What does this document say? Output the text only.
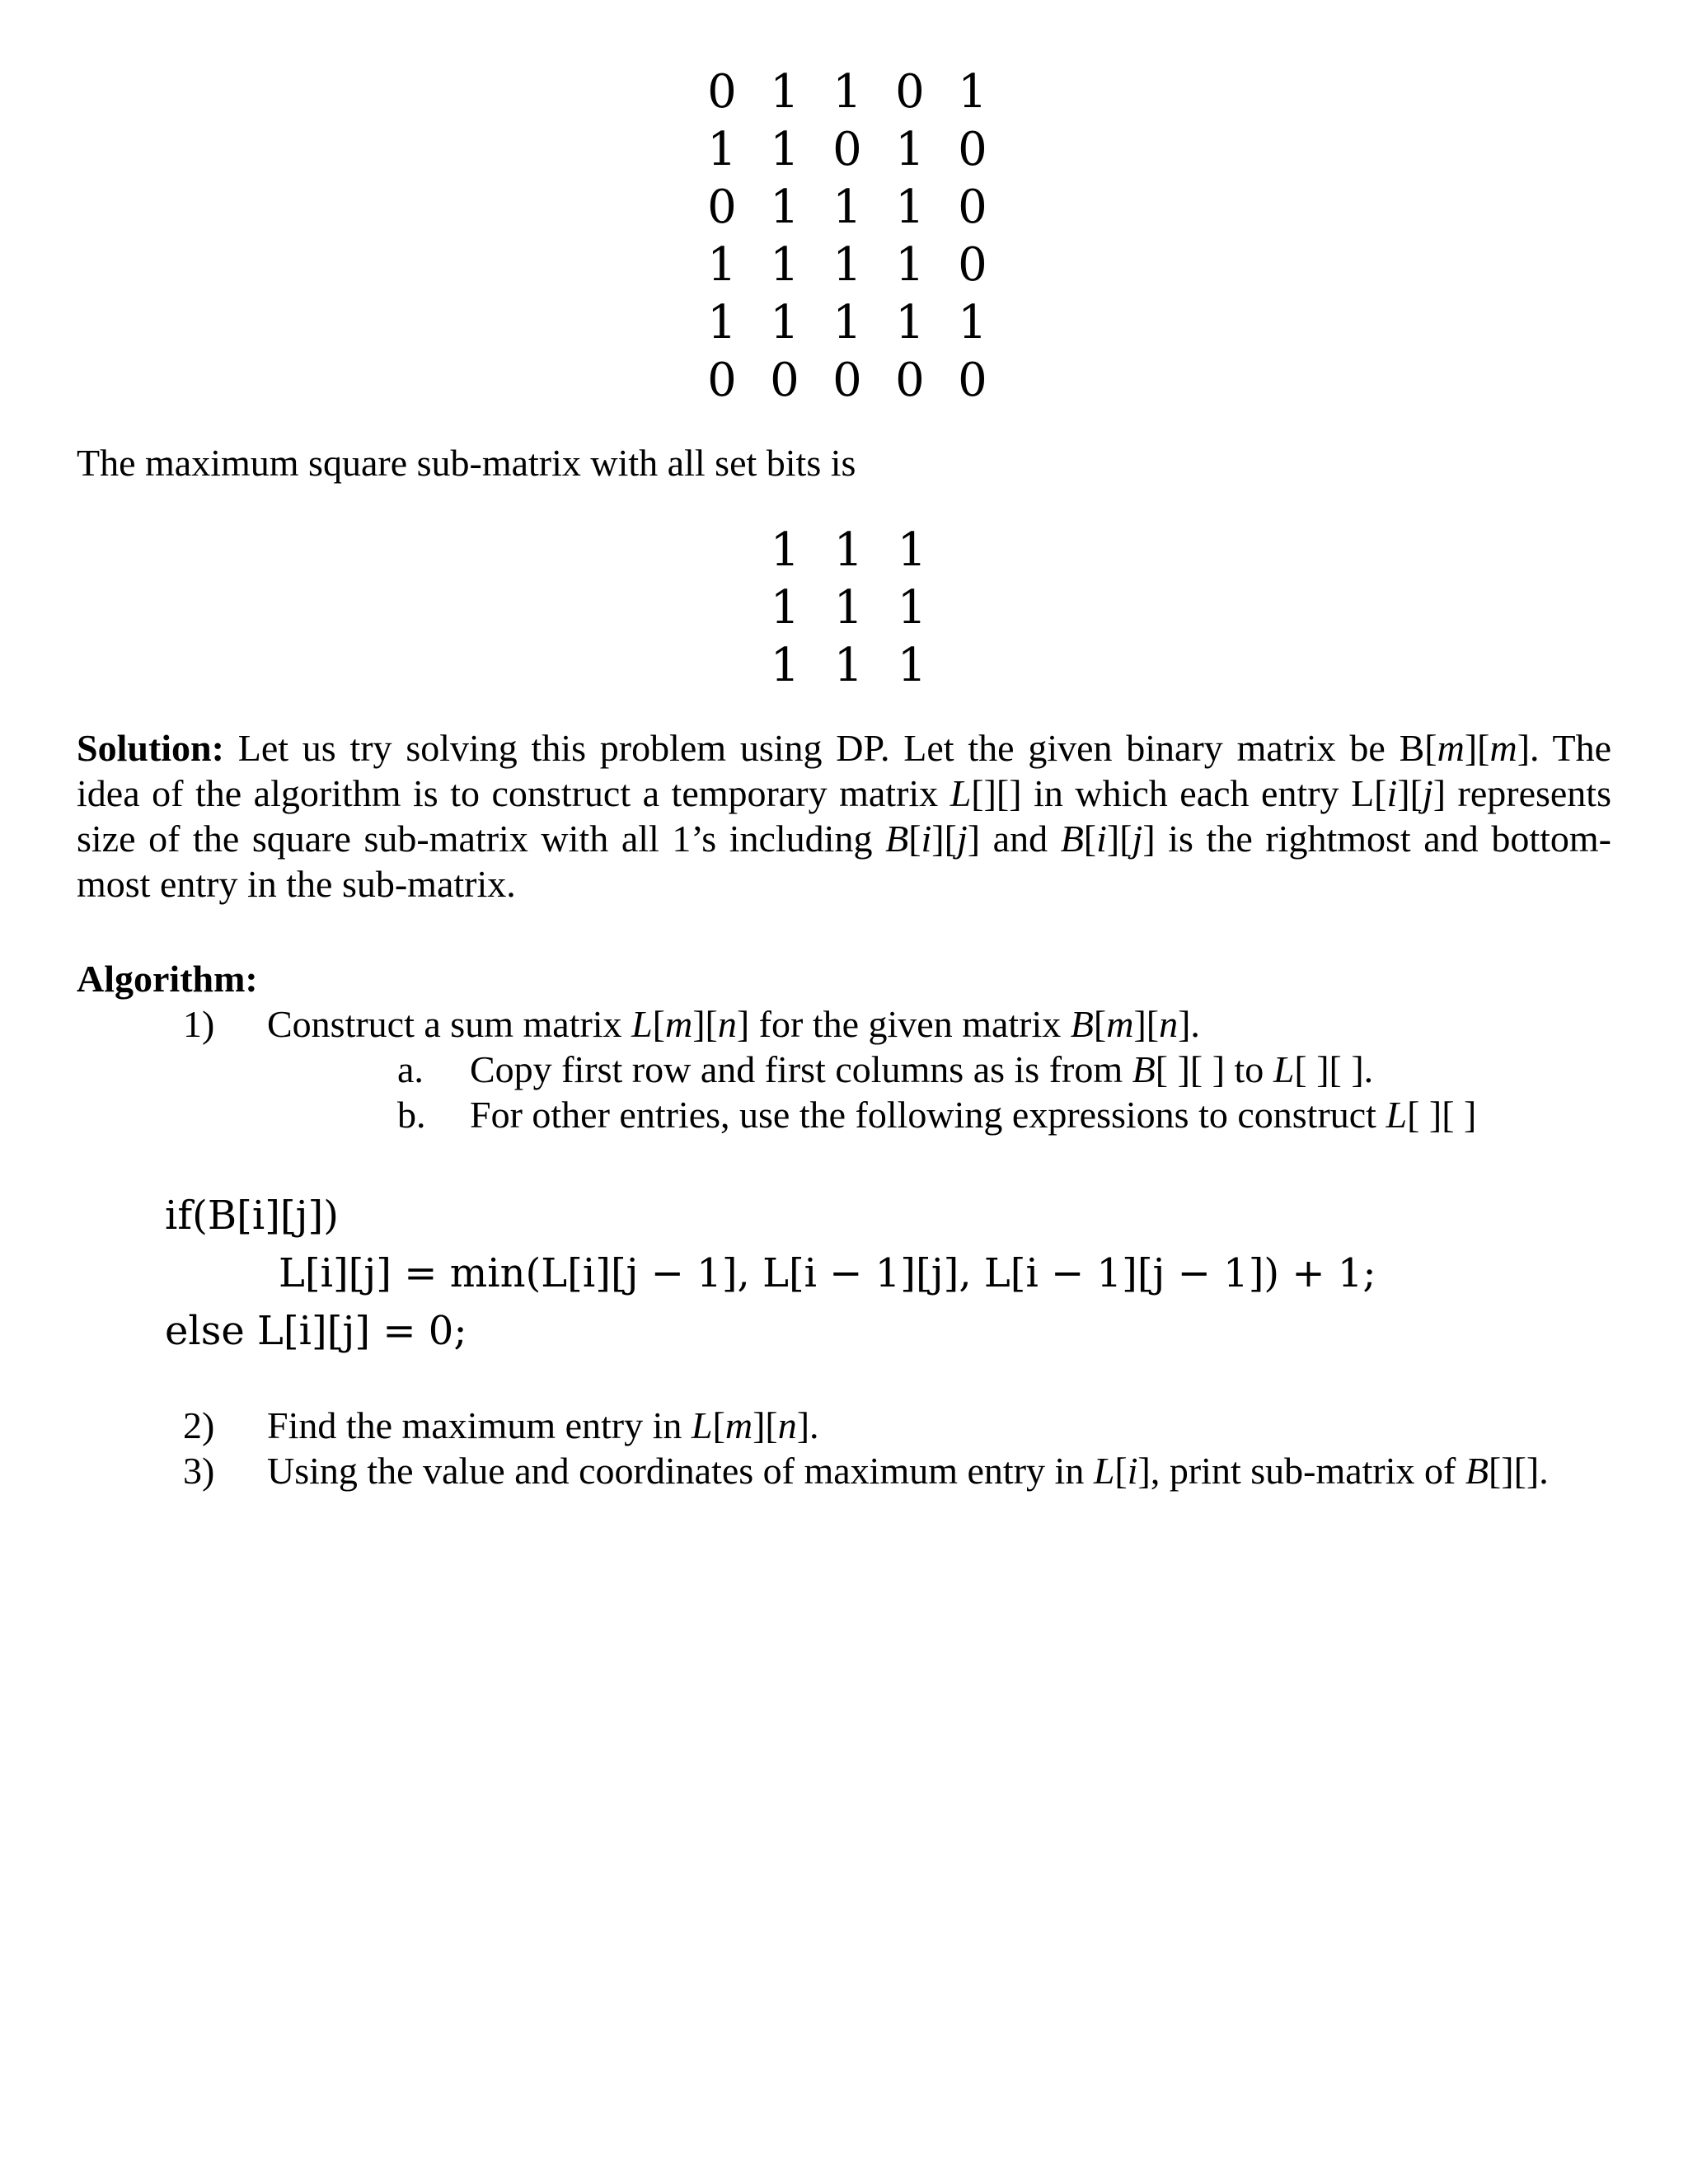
0 1 1 0 1
1 1 0 1 0
0 1 1 1 0
1 1 1 1 0
1 1 1 1 1
0 0 0 0 0

The maximum square sub-matrix with all set bits is

1 1 1
1 1 1
1 1 1

Solution: Let us try solving this problem using DP. Let the given binary matrix be B[m][m]. The idea of the algorithm is to construct a temporary matrix L[][] in which each entry L[i][j] represents size of the square sub-matrix with all 1’s including B[i][j] and B[i][j] is the rightmost and bottom-most entry in the sub-matrix.

Algorithm:
1) Construct a sum matrix L[m][n] for the given matrix B[m][n].
a. Copy first row and first columns as is from B[ ][ ] to L[ ][ ].
b. For other entries, use the following expressions to construct L[ ][ ]
if(B[i][j])
L[i][j] = min(L[i][j − 1], L[i − 1][j], L[i − 1][j − 1]) + 1;
else L[i][j] = 0;
2) Find the maximum entry in L[m][n].
3) Using the value and coordinates of maximum entry in L[i], print sub-matrix of B[][].
